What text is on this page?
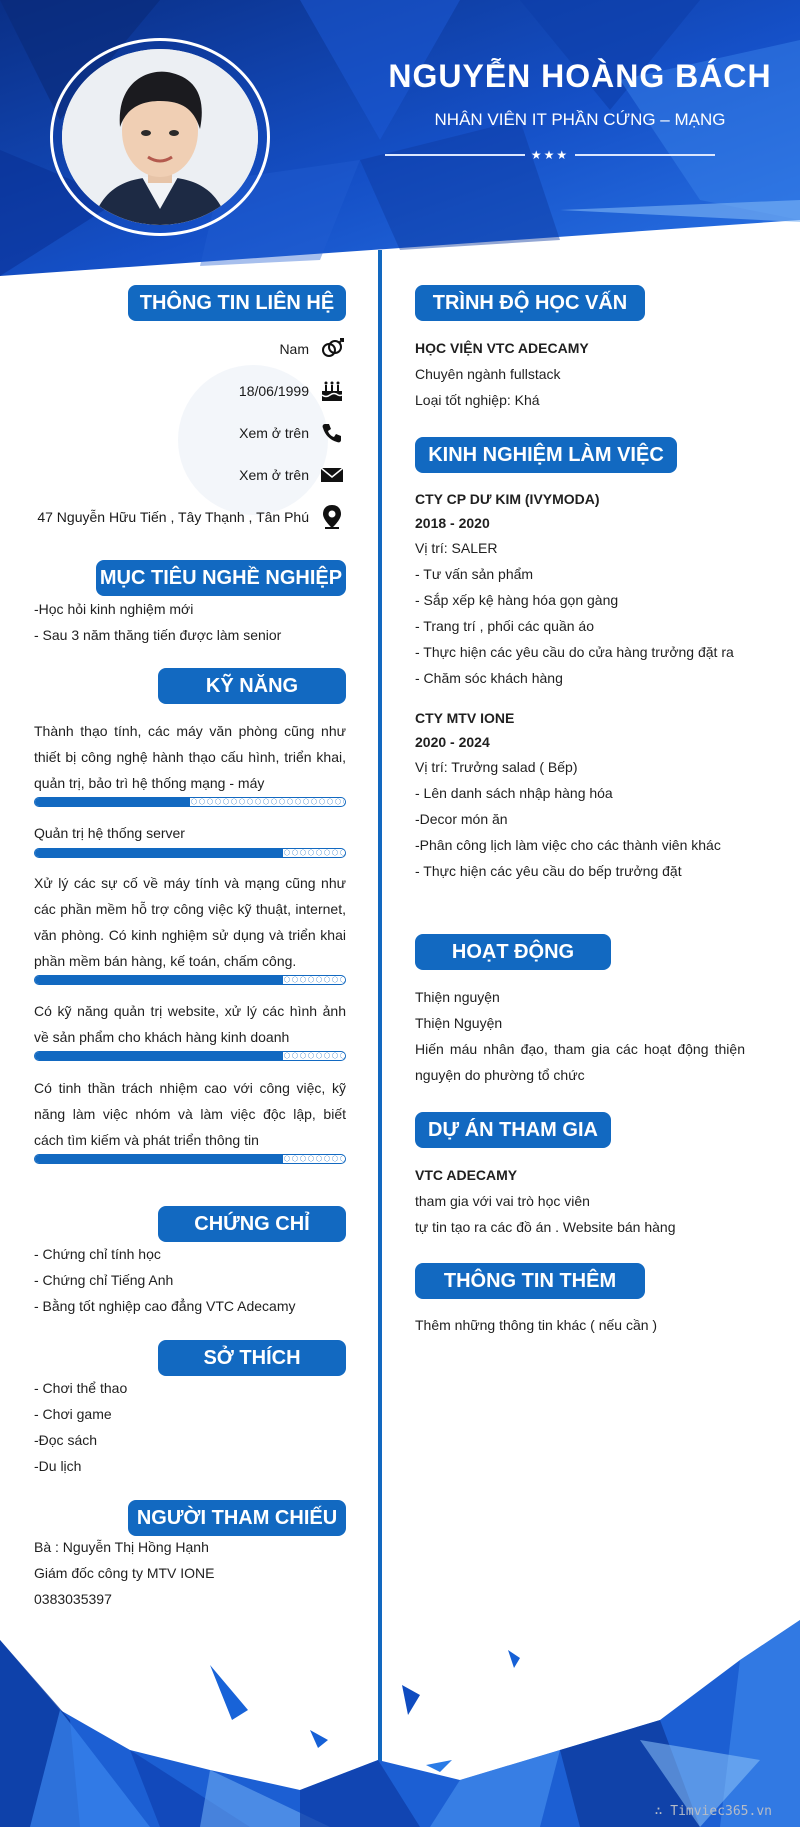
NGUYỄN HOÀNG BÁCH
NHÂN VIÊN IT PHẦN CỨNG – MẠNG
★★★
THÔNG TIN LIÊN HỆ
Nam
18/06/1999
Xem ở trên
Xem ở trên
47 Nguyễn Hữu Tiến , Tây Thạnh , Tân Phú
MỤC TIÊU NGHỀ NGHIỆP
-Học hỏi kinh nghiệm mới
- Sau 3 năm thăng tiến được làm senior
KỸ NĂNG
Thành thạo tính, các máy văn phòng cũng như thiết bị công nghệ hành thạo cấu hình, triển khai, quản trị, bảo trì hệ thống mạng - máy
Quản trị hệ thống server
Xử lý các sự cố về máy tính và mạng cũng như các phần mềm hỗ trợ công việc kỹ thuật, internet, văn phòng. Có kinh nghiệm sử dụng và triển khai phần mềm bán hàng, kế toán, chấm công.
Có kỹ năng quản trị website, xử lý các hình ảnh về sản phẩm cho khách hàng kinh doanh
Có tinh thần trách nhiệm cao với công việc, kỹ năng làm việc nhóm và làm việc độc lập, biết cách tìm kiếm và phát triển thông tin
CHỨNG CHỈ
- Chứng chỉ tính học
- Chứng chỉ Tiếng Anh
- Bằng tốt nghiệp cao đẳng VTC Adecamy
SỞ THÍCH
- Chơi thể thao
- Chơi game
-Đọc sách
-Du lịch
NGƯỜI THAM CHIẾU
Bà : Nguyễn Thị Hồng Hạnh
Giám đốc công ty MTV IONE
0383035397
TRÌNH ĐỘ HỌC VẤN
HỌC VIỆN VTC ADECAMY
Chuyên ngành fullstack
Loại tốt nghiệp: Khá
KINH NGHIỆM LÀM VIỆC
CTY CP DƯ KIM (IVYMODA)
2018 - 2020
Vị trí: SALER
- Tư vấn sản phẩm
- Sắp xếp kệ hàng hóa gọn gàng
- Trang trí , phối các quần áo
- Thực hiện các yêu cầu do cửa hàng trưởng đặt ra
- Chăm sóc khách hàng
CTY MTV IONE
2020 - 2024
Vị trí: Trưởng salad ( Bếp)
- Lên danh sách nhập hàng hóa
-Decor món ăn
-Phân công lịch làm việc cho các thành viên khác
- Thực hiện các yêu cầu do bếp trưởng đặt
HOẠT ĐỘNG
Thiện nguyện
Thiện Nguyện
Hiến máu nhân đạo, tham gia các hoạt động thiện nguyện do phường tổ chức
DỰ ÁN THAM GIA
VTC ADECAMY
tham gia với vai trò học viên
tự tin tạo ra các đồ án . Website bán hàng
THÔNG TIN THÊM
Thêm những thông tin khác ( nếu cần )
∴ Timviec365.vn
